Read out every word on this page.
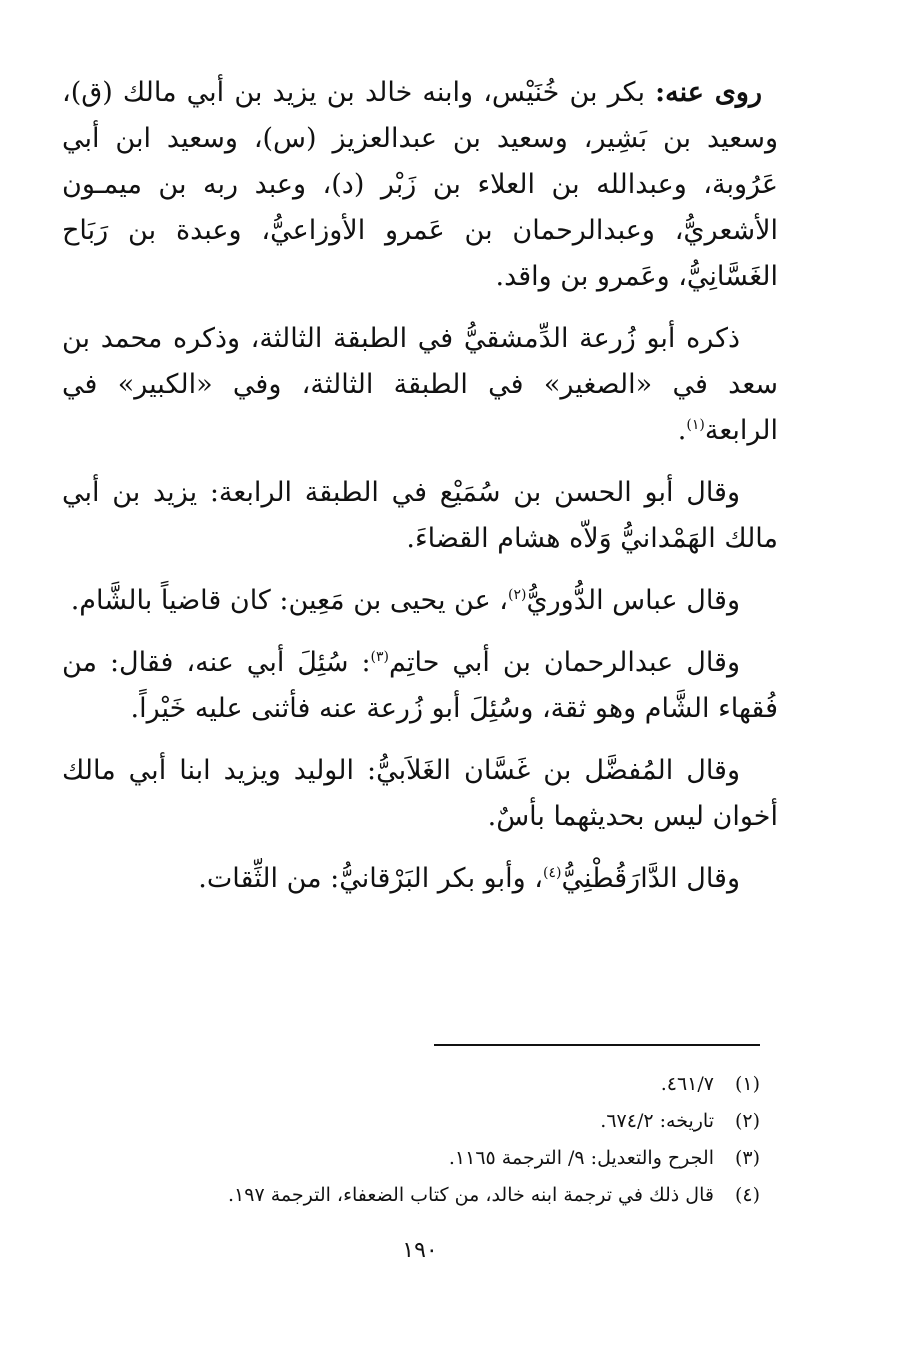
روى عنه: بكر بن خُنَيْس، وابنه خالد بن يزيد بن أبي مالك (ق)، وسعيد بن بَشِير، وسعيد بن عبدالعزيز (س)، وسعيد ابن أبي عَرُوبة، وعبدالله بن العلاء بن زَبْر (د)، وعبد ربه بن ميمـون الأشعريُّ، وعبدالرحمان بن عَمرو الأوزاعيُّ، وعبدة بن رَبَاح الغَسَّانِيُّ، وعَمرو بن واقد.

ذكره أبو زُرعة الدِّمشقيُّ في الطبقة الثالثة، وذكره محمد بن سعد في «الصغير» في الطبقة الثالثة، وفي «الكبير» في الرابعة$^{(١)}$.

وقال أبو الحسن بن سُمَيْع في الطبقة الرابعة: يزيد بن أبي مالك الهَمْدانيُّ وَلاّه هشام القضاءَ.

وقال عباس الدُّوريُّ$^{(٢)}$، عن يحيى بن مَعِين: كان قاضياً بالشَّام.

وقال عبدالرحمان بن أبي حاتِم$^{(٣)}$: سُئِلَ أبي عنه، فقال: من فُقهاء الشَّام وهو ثقة، وسُئِلَ أبو زُرعة عنه فأثنى عليه خَيْراً.

وقال المُفضَّل بن غَسَّان الغَلاَبيُّ: الوليد ويزيد ابنا أبي مالك أخوان ليس بحديثهما بأسٌ.

وقال الدَّارَقُطْنِيُّ$^{(٤)}$، وأبو بكر البَرْقانيُّ: من الثِّقات.

(١)
٤٦١/٧.
(٢)
تاريخه: ٦٧٤/٢.
(٣)
الجرح والتعديل: ٩/ الترجمة ١١٦٥.
(٤)
قال ذلك في ترجمة ابنه خالد، من كتاب الضعفاء، الترجمة ١٩٧.
١٩٠
